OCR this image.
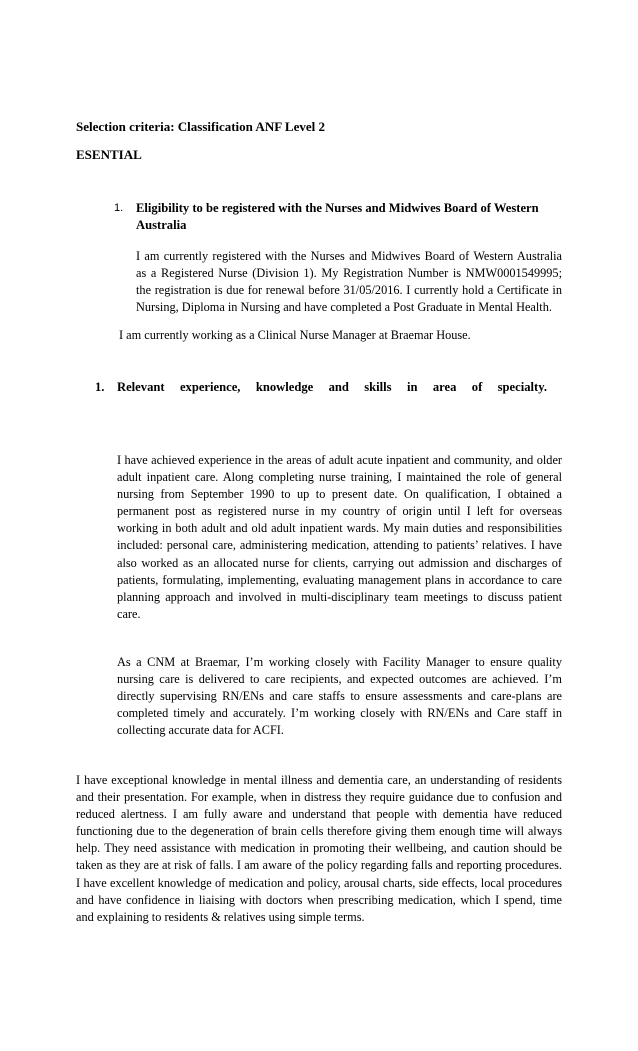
Selection criteria: Classification ANF Level 2
ESENTIAL
1. Eligibility to be registered with the Nurses and Midwives Board of Western
Australia

I am currently registered with the Nurses and Midwives Board of Western Australia

as a Registered Nurse (Division 1). My Registration Number is NMW0001549995;

the registration is due for renewal before 31/05/2016. I currently hold a Certificate in

Nursing, Diploma in Nursing and have completed a Post Graduate in Mental Health.

I am currently working as a Clinical Nurse Manager at Braemar House.
1. Relevant experience, knowledge and skills in area of specialty.

I have achieved experience in the areas of adult acute inpatient and community, and older adult inpatient care. Along completing nurse training, I maintained the role of general nursing from September 1990 to up to present date. On qualification, I obtained a permanent post as registered nurse in my country of origin until I left for overseas working in both adult and old adult inpatient wards. My main duties and responsibilities included: personal care, administering medication, attending to patients’ relatives. I have also worked as an allocated nurse for clients, carrying out admission and discharges of patients, formulating, implementing, evaluating management plans in accordance to care planning approach and involved in multi-disciplinary team meetings to discuss patient care.

As a CNM at Braemar, I’m working closely with Facility Manager to ensure quality nursing care is delivered to care recipients, and expected outcomes are achieved. I’m directly supervising RN/ENs and care staffs to ensure assessments and care-plans are completed timely and accurately. I’m working closely with RN/ENs and Care staff in collecting accurate data for ACFI.

I have exceptional knowledge in mental illness and dementia care, an understanding of residents and their presentation. For example, when in distress they require guidance due to confusion and reduced alertness. I am fully aware and understand that people with dementia have reduced functioning due to the degeneration of brain cells therefore giving them enough time will always help. They need assistance with medication in promoting their wellbeing, and caution should be taken as they are at risk of falls. I am aware of the policy regarding falls and reporting procedures. I have excellent knowledge of medication and policy, arousal charts, side effects, local procedures and have confidence in liaising with doctors when prescribing medication, which I spend, time and explaining to residents & relatives using simple terms.
